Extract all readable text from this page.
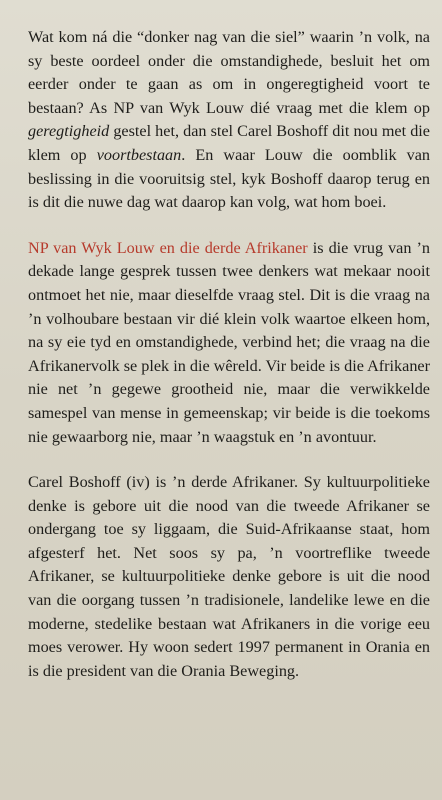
Wat kom ná die “donker nag van die siel” waarin ’n volk, na sy beste oordeel onder die omstandighede, besluit het om eerder onder te gaan as om in ongeregtigheid voort te bestaan? As NP van Wyk Louw dié vraag met die klem op geregtigheid gestel het, dan stel Carel Boshoff dit nou met die klem op voortbestaan. En waar Louw die oomblik van beslissing in die vooruitsig stel, kyk Boshoff daarop terug en is dit die nuwe dag wat daarop kan volg, wat hom boei.

NP van Wyk Louw en die derde Afrikaner is die vrug van ’n dekade lange gesprek tussen twee denkers wat mekaar nooit ontmoet het nie, maar dieselfde vraag stel. Dit is die vraag na ’n volhoubare bestaan vir dié klein volk waartoe elkeen hom, na sy eie tyd en omstandighede, verbind het; die vraag na die Afrikanervolk se plek in die wêreld. Vir beide is die Afrikaner nie net ’n gegewe grootheid nie, maar die verwikkelde samespel van mense in gemeenskap; vir beide is die toekoms nie gewaarborg nie, maar ’n waagstuk en ’n avontuur.

Carel Boshoff (iv) is ’n derde Afrikaner. Sy kultuurpolitieke denke is gebore uit die nood van die tweede Afrikaner se ondergang toe sy liggaam, die Suid-Afrikaanse staat, hom afgesterf het. Net soos sy pa, ’n voortreflike tweede Afrikaner, se kultuurpolitieke denke gebore is uit die nood van die oorgang tussen ’n tradisionele, landelike lewe en die moderne, stedelike bestaan wat Afrikaners in die vorige eeu moes verower. Hy woon sedert 1997 permanent in Orania en is die president van die Orania Beweging.
